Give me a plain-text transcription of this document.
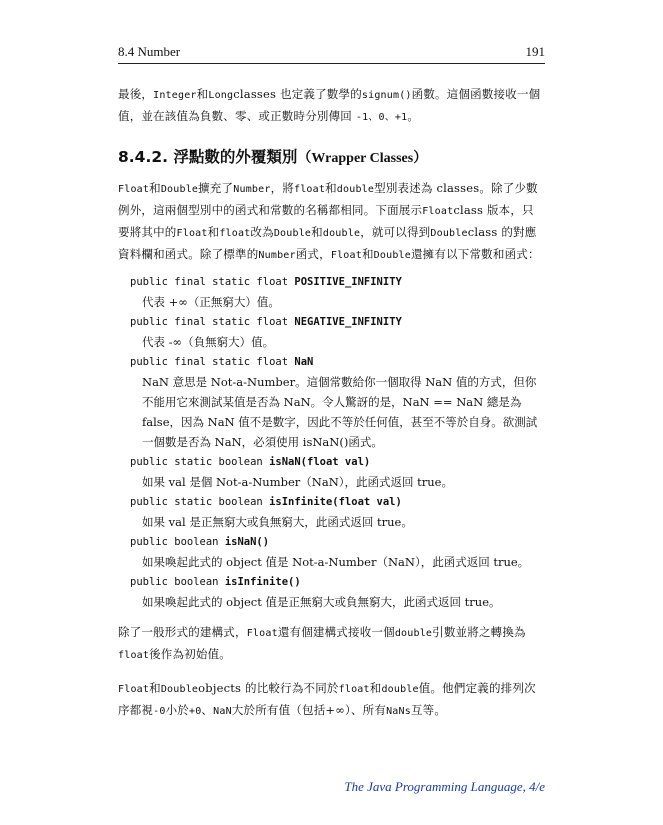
8.4 Number	191

最後，Integer和Longclasses 也定義了數學的signum()函數。這個函數接收一個值，並在該值為負數、零、或正數時分別傳回 -1、0、+1。

8.4.2. 浮點數的外覆類別（Wrapper Classes）

Float和Double擴充了Number，將float和double型別表述為 classes。除了少數例外，這兩個型別中的函式和常數的名稱都相同。下面展示Floatclass 版本，只要將其中的Float和float改為Double和double，就可以得到Doubleclass 的對應資料欄和函式。除了標準的Number函式，Float和Double還擁有以下常數和函式：

public final static float POSITIVE_INFINITY
代表 +∞（正無窮大）值。
public final static float NEGATIVE_INFINITY
代表 -∞（負無窮大）值。
public final static float NaN
NaN 意思是 Not-a-Number。這個常數給你一個取得 NaN 值的方式，但你不能用它來測試某值是否為 NaN。令人驚訝的是，NaN == NaN 總是為 false，因為 NaN 值不是數字，因此不等於任何值，甚至不等於自身。欲測試一個數是否為 NaN，必須使用 isNaN()函式。
public static boolean isNaN(float val)
如果 val 是個 Not-a-Number（NaN），此函式返回 true。
public static boolean isInfinite(float val)
如果 val 是正無窮大或負無窮大，此函式返回 true。
public boolean isNaN()
如果喚起此式的 object 值是 Not-a-Number（NaN），此函式返回 true。
public boolean isInfinite()
如果喚起此式的 object 值是正無窮大或負無窮大，此函式返回 true。

除了一般形式的建構式，Float還有個建構式接收一個double引數並將之轉換為float後作為初始值。

Float和Doubleobjects 的比較行為不同於float和double值。他們定義的排列次序都視-0小於+0、NaN大於所有值（包括+∞）、所有NaNs互等。

The Java Programming Language, 4/e
